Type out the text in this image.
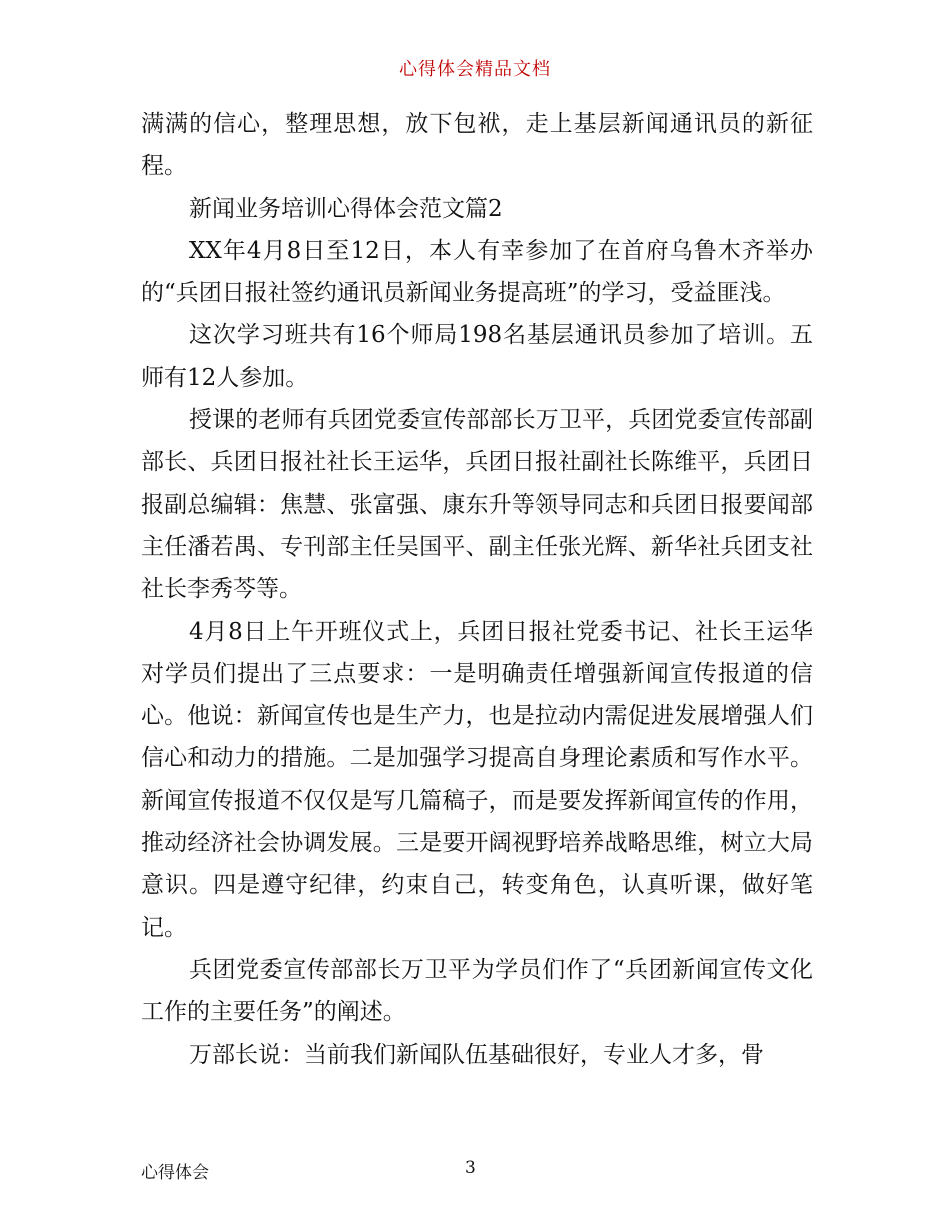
心得体会精品文档

满满的信心，整理思想，放下包袱，走上基层新闻通讯员的新征程。

新闻业务培训心得体会范文篇2

XX年4月8日至12日，本人有幸参加了在首府乌鲁木齐举办的“兵团日报社签约通讯员新闻业务提高班”的学习，受益匪浅。

这次学习班共有16个师局198名基层通讯员参加了培训。五师有12人参加。

授课的老师有兵团党委宣传部部长万卫平，兵团党委宣传部副部长、兵团日报社社长王运华，兵团日报社副社长陈维平，兵团日报副总编辑：焦慧、张富强、康东升等领导同志和兵团日报要闻部主任潘若禺、专刊部主任吴国平、副主任张光辉、新华社兵团支社社长李秀芩等。

4月8日上午开班仪式上，兵团日报社党委书记、社长王运华对学员们提出了三点要求：一是明确责任增强新闻宣传报道的信心。他说：新闻宣传也是生产力，也是拉动内需促进发展增强人们信心和动力的措施。二是加强学习提高自身理论素质和写作水平。新闻宣传报道不仅仅是写几篇稿子，而是要发挥新闻宣传的作用，推动经济社会协调发展。三是要开阔视野培养战略思维，树立大局意识。四是遵守纪律，约束自己，转变角色，认真听课，做好笔记。

兵团党委宣传部部长万卫平为学员们作了“兵团新闻宣传文化工作的主要任务”的阐述。

万部长说：当前我们新闻队伍基础很好，专业人才多，骨

心得体会	3
